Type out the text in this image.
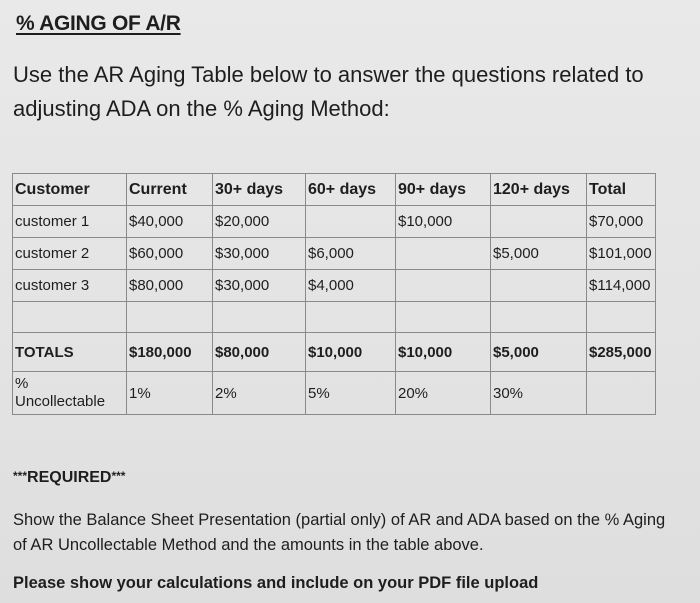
% AGING OF A/R
Use the AR Aging Table below to answer the questions related to adjusting ADA on the % Aging Method:
Customer	Current	30+ days	60+ days	90+ days	120+ days	Total
customer 1	$40,000	$20,000		$10,000		$70,000
customer 2	$60,000	$30,000	$6,000		$5,000	$101,000
customer 3	$80,000	$30,000	$4,000			$114,000

TOTALS	$180,000	$80,000	$10,000	$10,000	$5,000	$285,000

%
Uncollectable	1%	2%	5%	20%	30%	
***REQUIRED***
Show the Balance Sheet Presentation (partial only) of AR and ADA based on the % Aging of AR Uncollectable Method and the amounts in the table above.
Please show your calculations and include on your PDF file upload
